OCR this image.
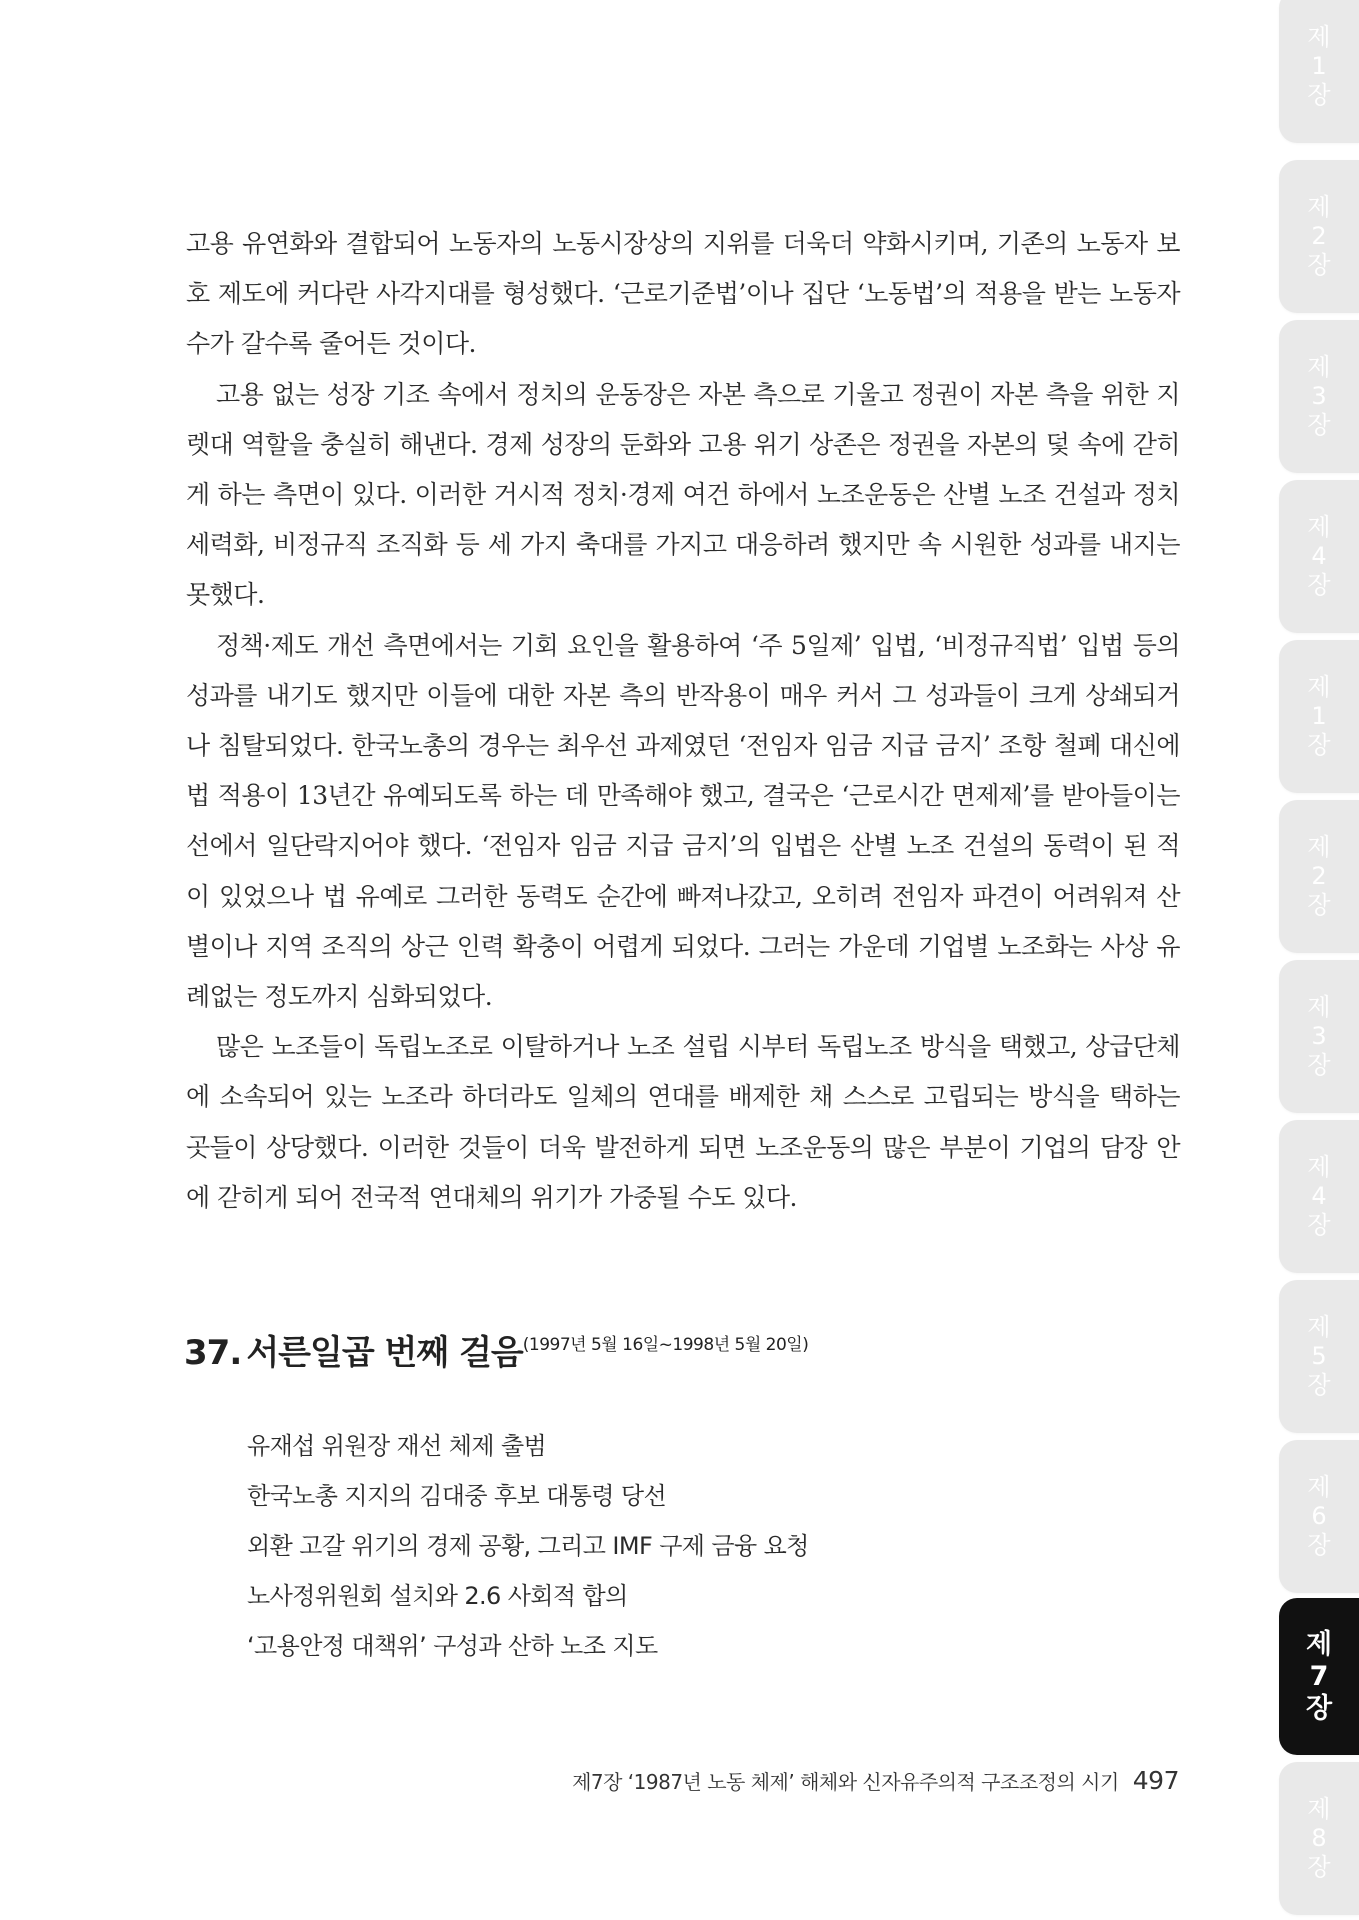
고용 유연화와 결합되어 노동자의 노동시장상의 지위를 더욱더 약화시키며, 기존의 노동자 보호 제도에 커다란 사각지대를 형성했다. ‘근로기준법’이나 집단 ‘노동법’의 적용을 받는 노동자 수가 갈수록 줄어든 것이다.

고용 없는 성장 기조 속에서 정치의 운동장은 자본 측으로 기울고 정권이 자본 측을 위한 지렛대 역할을 충실히 해낸다. 경제 성장의 둔화와 고용 위기 상존은 정권을 자본의 덫 속에 갇히게 하는 측면이 있다. 이러한 거시적 정치·경제 여건 하에서 노조운동은 산별 노조 건설과 정치 세력화, 비정규직 조직화 등 세 가지 축대를 가지고 대응하려 했지만 속 시원한 성과를 내지는 못했다.

정책·제도 개선 측면에서는 기회 요인을 활용하여 ‘주 5일제’ 입법, ‘비정규직법’ 입법 등의 성과를 내기도 했지만 이들에 대한 자본 측의 반작용이 매우 커서 그 성과들이 크게 상쇄되거나 침탈되었다. 한국노총의 경우는 최우선 과제였던 ‘전임자 임금 지급 금지’ 조항 철폐 대신에 법 적용이 13년간 유예되도록 하는 데 만족해야 했고, 결국은 ‘근로시간 면제제’를 받아들이는 선에서 일단락지어야 했다. ‘전임자 임금 지급 금지’의 입법은 산별 노조 건설의 동력이 된 적이 있었으나 법 유예로 그러한 동력도 순간에 빠져나갔고, 오히려 전임자 파견이 어려워져 산별이나 지역 조직의 상근 인력 확충이 어렵게 되었다. 그러는 가운데 기업별 노조화는 사상 유례없는 정도까지 심화되었다.

많은 노조들이 독립노조로 이탈하거나 노조 설립 시부터 독립노조 방식을 택했고, 상급단체에 소속되어 있는 노조라 하더라도 일체의 연대를 배제한 채 스스로 고립되는 방식을 택하는 곳들이 상당했다. 이러한 것들이 더욱 발전하게 되면 노조운동의 많은 부분이 기업의 담장 안에 갇히게 되어 전국적 연대체의 위기가 가중될 수도 있다.

37. 서른일곱 번째 걸음(1997년 5월 16일~1998년 5월 20일)
유재섭 위원장 재선 체제 출범
한국노총 지지의 김대중 후보 대통령 당선
외환 고갈 위기의 경제 공황, 그리고 IMF 구제 금융 요청
노사정위원회 설치와 2.6 사회적 합의
‘고용안정 대책위’ 구성과 산하 노조 지도
제7장 ‘1987년 노동 체제’ 해체와 신자유주의적 구조조정의 시기 497
제
1
장
제
2
장
제
3
장
제
4
장
제
1
장
제
2
장
제
3
장
제
4
장
제
5
장
제
6
장
제
7
장
제
8
장
